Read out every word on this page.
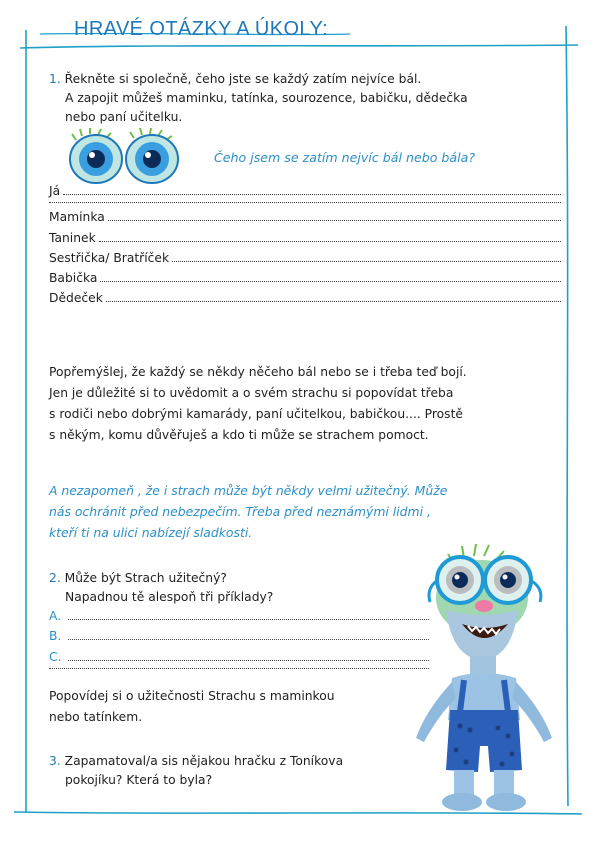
HRAVÉ OTÁZKY A ÚKOLY:
1. Řekněte si společně, čeho jste se každý zatím nejvíce bál.
A zapojit můžeš maminku, tatínka, sourozence, babičku, dědečka
nebo paní učitelku.
Čeho jsem se zatím nejvíc bál nebo bála?
Já
Maminka
Taninek
Sestřička/ Bratříček
Babička
Dědeček
Popřemýšlej, že každý se někdy něčeho bál nebo se i třeba teď bojí.
Jen je důležité si to uvědomit a o svém strachu si popovídat třeba
s rodiči nebo dobrými kamarády, paní učitelkou, babičkou.... Prostě
s někým, komu důvěřuješ a kdo ti může se strachem pomoct.
A nezapomeň , že i strach může být někdy velmi užitečný. Může
nás ochránit před nebezpečím. Třeba před neznámými lidmi ,
kteří ti na ulici nabízejí sladkosti.
2. Může být Strach užitečný?
Napadnou tě alespoň tři příklady?
A.
B.
C.
Popovídej si o užitečnosti Strachu s maminkou
nebo tatínkem.
3. Zapamatoval/a sis nějakou hračku z Toníkova
pokojíku? Která to byla?
